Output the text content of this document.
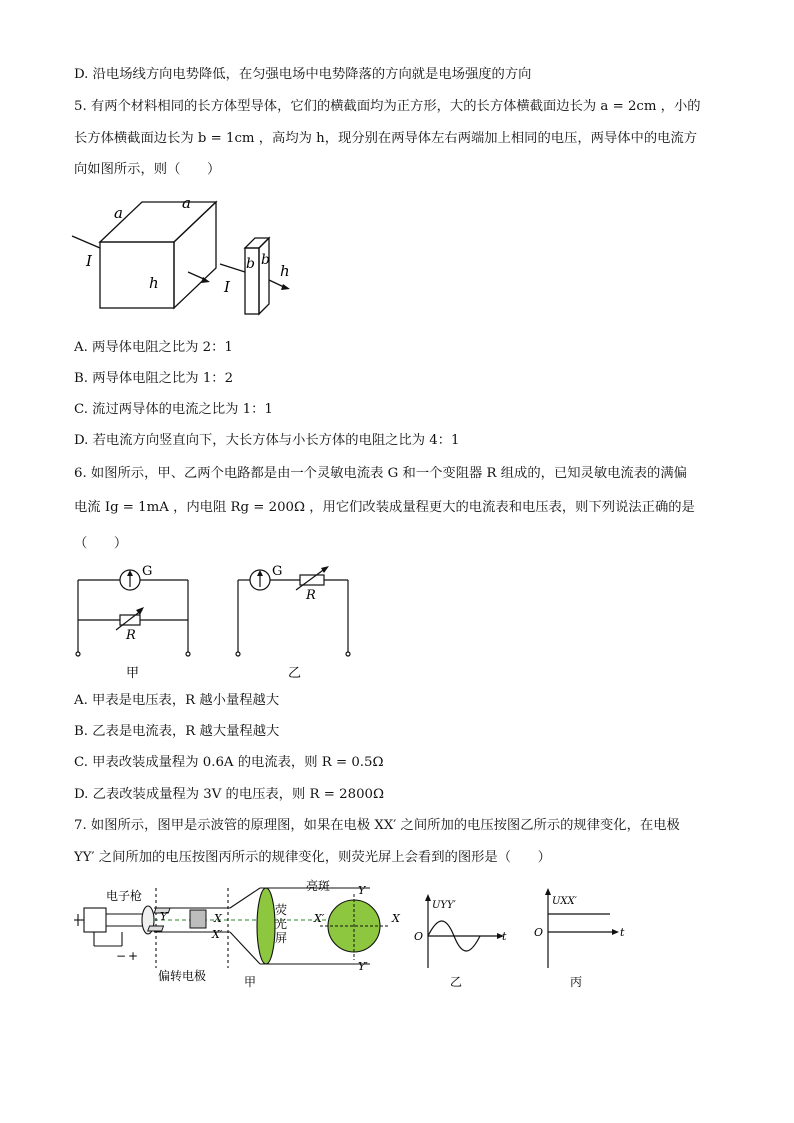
D. 沿电场线方向电势降低，在匀强电场中电势降落的方向就是电场强度的方向
5. 有两个材料相同的长方体型导体，它们的横截面均为正方形，大的长方体横截面边长为 a = 2cm ，小的
长方体横截面边长为 b = 1cm ，高均为 h，现分别在两导体左右两端加上相同的电压，两导体中的电流方
向如图所示，则（　　）
a
a
I
h	I
b b
h
A. 两导体电阻之比为 2：1
B. 两导体电阻之比为 1：2
C. 流过两导体的电流之比为 1：1
D. 若电流方向竖直向下，大长方体与小长方体的电阻之比为 4：1
6. 如图所示，甲、乙两个电路都是由一个灵敏电流表 G 和一个变阻器 R 组成的，已知灵敏电流表的满偏
电流 Ig = 1mA ，内电阻 Rg = 200Ω ，用它们改装成量程更大的电流表和电压表，则下列说法正确的是
（　　）
G
R
G
R
甲	乙
A. 甲表是电压表，R 越小量程越大
B. 乙表是电流表，R 越大量程越大
C. 甲表改装成量程为 0.6A 的电流表，则 R = 0.5Ω
D. 乙表改装成量程为 3V 的电压表，则 R = 2800Ω
7. 如图所示，图甲是示波管的原理图，如果在电极 XX′ 之间所加的电压按图乙所示的规律变化，在电极
YY′ 之间所加的电压按图丙所示的规律变化，则荧光屏上会看到的图形是（　　）
电子枪
亮斑
荧
光
屏
偏转电极
Y	X
X′
− +
Y
Y′
X
X′
甲
O	t
UYY′
乙
O	t
UXX′
丙
